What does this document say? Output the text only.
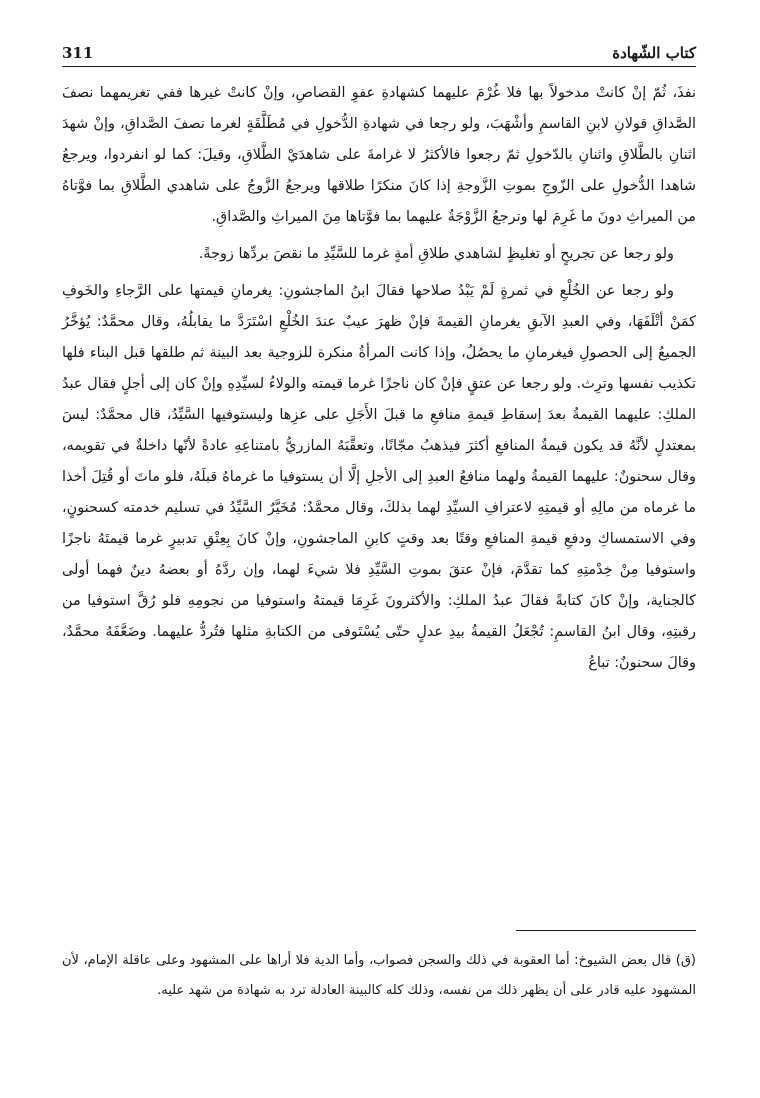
311	كتاب الشّهادة

نفذَ، ثُمّ إنْ كانتْ مدخولاً بها فلا غُرْمَ عليهما كشهادةِ عفوِ القصاصِ، وإنْ كانتْ غيرها ففي تغريمهما نصفَ الصَّداقِ قولانِ لابنِ القاسمِ وأشْهَبَ، ولو رجعا في شهادةِ الدُّخولِ في مُطَلَّقَةٍ لغرما نصفَ الصَّداقِ، وإنْ شهدَ اثنانِ بالطَّلاقِ واثنانِ بالدّخولِ ثمّ رجعوا فالأكثرُ لا غرامةَ على شاهدَيْ الطَّلاقِ، وقيلَ: كما لو انفردوا، ويرجعُ شاهدا الدُّخولِ على الزّوجِ بموتِ الزَّوجةِ إذا كانَ منكرًا طلاقها ويرجعُ الزَّوجُ على شاهدي الطَّلاقِ بما فوَّتاهُ من الميراثِ دونَ ما غَرِمَ لها وترجعُ الزَّوْجَةُ عليهما بما فوَّتاها مِنَ الميراثِ والصَّداقِ.

ولو رجعا عن تجريحٍ أو تغليظٍ لشاهدي طلاقِ أمةٍ غرما للسَّيِّدِ ما نقصَ بردِّها زوجةً.

ولو رجعا عن الخُلْعِ في ثمرةٍ لَمْ يَبْدُ صلاحها فقالَ ابنُ الماجشونِ: يغرمانِ قيمتها على الرَّجاءِ والخَوفِ كمَنْ أتْلَفَهَا، وفي العبدِ الآبقِ يغرمانِ القيمةَ فإنْ ظهرَ عيبٌ عندَ الخُلْعِ اسْتَرَدَّ ما يقابلُهُ، وقال محمَّدٌ: يُؤخَّرُ الجميعُ إلى الحصولِ فيغرمانِ ما يحصُلُ، وإذا كانت المرأةُ منكرة للزوجية بعد البينة ثم طلقها قبل البناء فلها تكذيب نفسها وترِث. ولو رجعا عن عتقٍ فإنْ كان ناجزًا غرما قيمته والولاءُ لسيِّدِهِ وإنْ كان إلى أجلٍ فقال عبدُ الملكِ: عليهما القيمةُ بعدَ إسقاطِ قيمةِ منافعِ ما قبلَ الأَجَلِ على عزِها وليستوفيها السَّيِّدُ، قال محمَّدٌ: ليسَ بمعتدلٍ لأنَّهُ قد يكون قيمةُ المنافعِ أكثرَ فيذهبُ مجّانًا، وتعقَّبَهُ المازريُّ بامتناعِهِ عادةً لأنّها داخلةٌ في تقويمه، وقال سحنونٌ: عليهما القيمةُ ولهما منافعُ العبدِ إلى الأجلِ إلَّا أن يستوفيا ما غرماهُ قبلَهُ، فلو ماتَ أو قُتِلَ أخذا ما غرماه من مالِهِ أو قيمتِهِ لاعترافِ السيِّدِ لهما بذلكَ، وقال محمَّدٌ: مُخَيَّرٌ السَّيِّدُ في تسليم خدمته كسحنونٍ، وفي الاستمساكِ ودفعِ قيمةِ المنافعِ وقتًا بعد وقتٍ كابنِ الماجشونِ، وإنْ كانَ بِعِتْقِ تدبيرٍ غرما قيمتَهُ ناجزًا واستوفيا مِنْ خِدْمتِهِ كما تقدَّمَ، فإنْ عتقَ بموتِ السَّيِّدِ فلا شيءَ لهما، وإن ردَّهُ أو بعضهُ دينٌ فهما أولى كالجناية، وإنْ كانَ كتابةً فقالَ عبدُ الملكِ: والأكثرونَ غَرِمَا قيمتهُ واستوفيا من نجومِهِ فلو رُقَّ استوفيا من رقبتِهِ، وقال ابنُ القاسمِ: تُجْعَلُ القيمةُ بيدِ عدلٍ حتّى يُسْتَوفى من الكتابةِ مثلها فتُردُّ عليهما. وضَعَّفَهُ محمَّدٌ، وقالَ سحنونٌ: تباعُ

(ق) قال بعض الشيوخ: أما العقوبة في ذلك والسجن فصواب، وأما الدية فلا أراها على المشهود وعلى عاقلة الإمام، لأن المشهود عليه قادر على أن يظهر ذلك من نفسه، وذلك كله كالبينة العادلة ترد به شهادة من شهد عليه.
